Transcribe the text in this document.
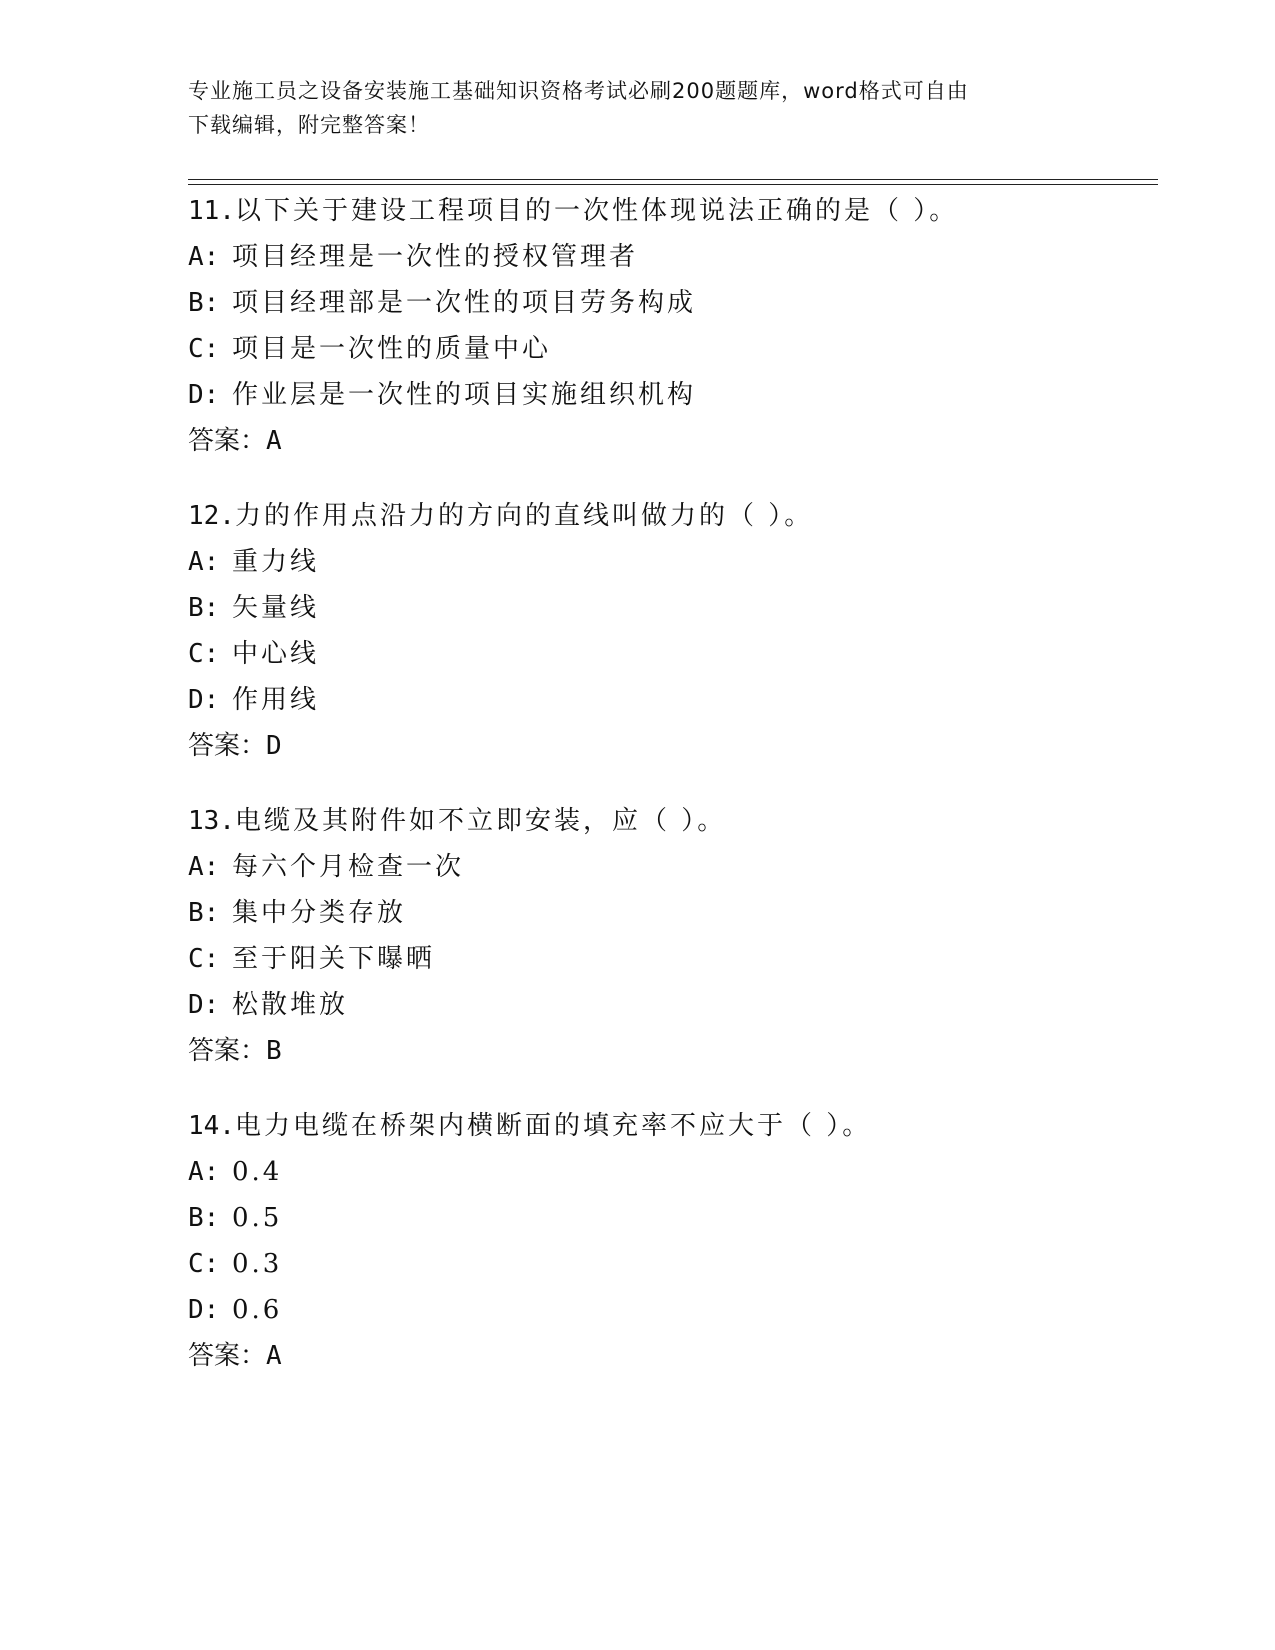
专业施工员之设备安装施工基础知识资格考试必刷200题题库，word格式可自由
下载编辑，附完整答案！
11.以下关于建设工程项目的一次性体现说法正确的是（ ）。
A: 项目经理是一次性的授权管理者
B: 项目经理部是一次性的项目劳务构成
C: 项目是一次性的质量中心
D: 作业层是一次性的项目实施组织机构
答案：A
12.力的作用点沿力的方向的直线叫做力的（ ）。
A: 重力线
B: 矢量线
C: 中心线
D: 作用线
答案：D
13.电缆及其附件如不立即安装，应（ ）。
A: 每六个月检查一次
B: 集中分类存放
C: 至于阳关下曝晒
D: 松散堆放
答案：B
14.电力电缆在桥架内横断面的填充率不应大于（ ）。
A: 0.4
B: 0.5
C: 0.3
D: 0.6
答案：A
